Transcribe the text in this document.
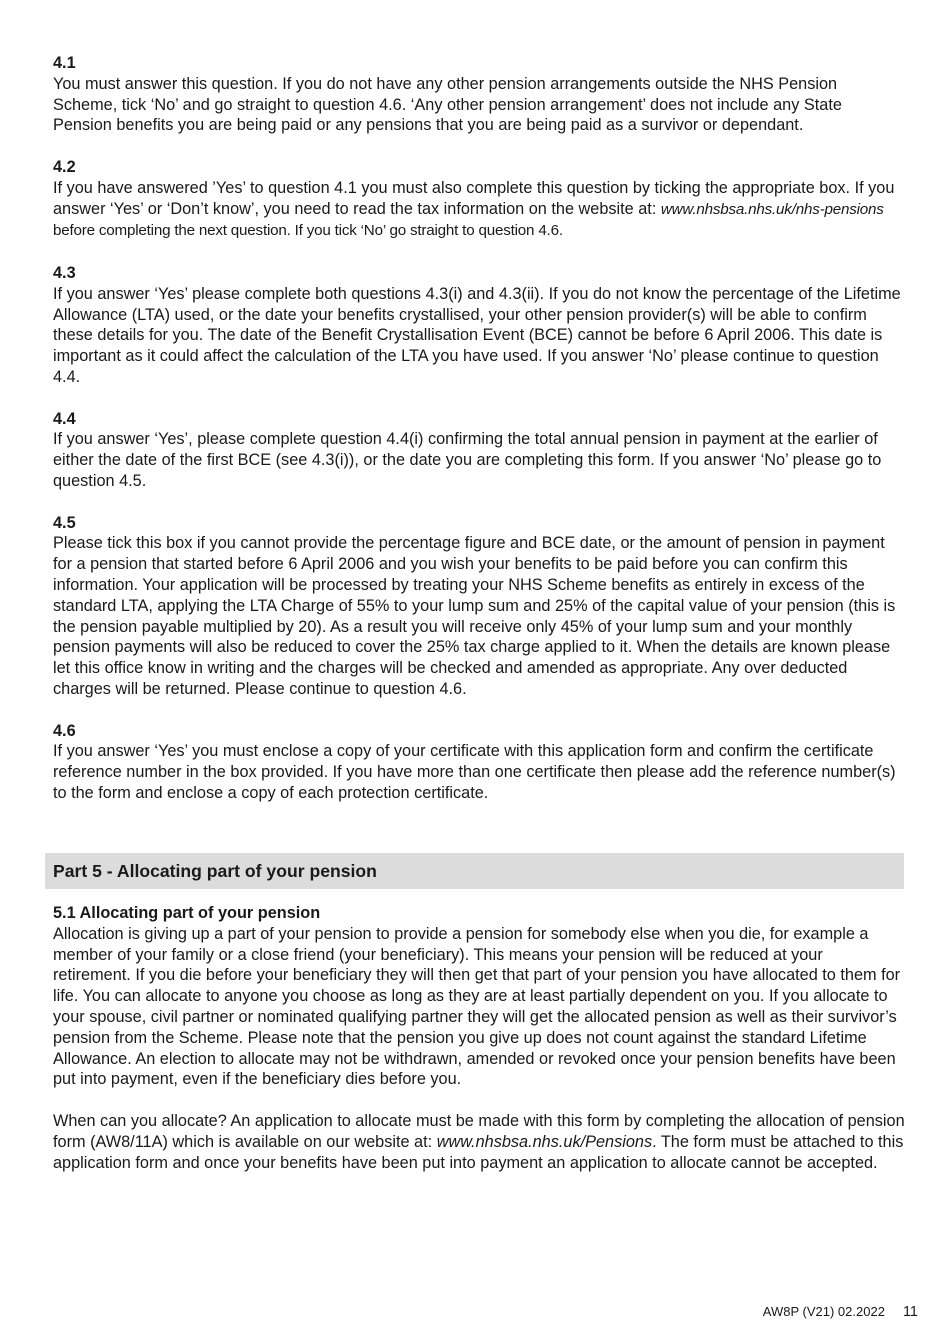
4.1
You must answer this question. If you do not have any other pension arrangements outside the NHS Pension Scheme, tick ‘No’ and go straight to question 4.6. ‘Any other pension arrangement’ does not include any State Pension benefits you are being paid or any pensions that you are being paid as a survivor or dependant.
4.2
If you have answered ’Yes’ to question 4.1 you must also complete this question by ticking the appropriate box. If you answer ‘Yes’ or ‘Don’t know’, you need to read the tax information on the website at: www.nhsbsa.nhs.uk/nhs-pensions before completing the next question. If you tick ‘No’ go straight to question 4.6.
4.3
If you answer ‘Yes’ please complete both questions 4.3(i) and 4.3(ii). If you do not know the percentage of the Lifetime Allowance (LTA) used, or the date your benefits crystallised, your other pension provider(s) will be able to confirm these details for you. The date of the Benefit Crystallisation Event (BCE) cannot be before 6 April 2006. This date is important as it could affect the calculation of the LTA you have used. If you answer ‘No’ please continue to question 4.4.
4.4
If you answer ‘Yes’, please complete question 4.4(i) confirming the total annual pension in payment at the earlier of either the date of the first BCE (see 4.3(i)), or the date you are completing this form. If you answer ‘No’ please go to question 4.5.
4.5
Please tick this box if you cannot provide the percentage figure and BCE date, or the amount of pension in payment for a pension that started before 6 April 2006 and you wish your benefits to be paid before you can confirm this information. Your application will be processed by treating your NHS Scheme benefits as entirely in excess of the standard LTA, applying the LTA Charge of 55% to your lump sum and 25% of the capital value of your pension (this is the pension payable multiplied by 20). As a result you will receive only 45% of your lump sum and your monthly pension payments will also be reduced to cover the 25% tax charge applied to it. When the details are known please let this office know in writing and the charges will be checked and amended as appropriate. Any over deducted charges will be returned. Please continue to question 4.6.
4.6
If you answer ‘Yes’ you must enclose a copy of your certificate with this application form and confirm the certificate reference number in the box provided. If you have more than one certificate then please add the reference number(s) to the form and enclose a copy of each protection certificate.
Part 5 - Allocating part of your pension
5.1 Allocating part of your pension
Allocation is giving up a part of your pension to provide a pension for somebody else when you die, for example a member of your family or a close friend (your beneficiary). This means your pension will be reduced at your retirement. If you die before your beneficiary they will then get that part of your pension you have allocated to them for life. You can allocate to anyone you choose as long as they are at least partially dependent on you. If you allocate to your spouse, civil partner or nominated qualifying partner they will get the allocated pension as well as their survivor’s pension from the Scheme. Please note that the pension you give up does not count against the standard Lifetime Allowance. An election to allocate may not be withdrawn, amended or revoked once your pension benefits have been put into payment, even if the beneficiary dies before you.
When can you allocate? An application to allocate must be made with this form by completing the allocation of pension form (AW8/11A) which is available on our website at: www.nhsbsa.nhs.uk/Pensions. The form must be attached to this application form and once your benefits have been put into payment an application to allocate cannot be accepted.
AW8P (V21) 02.2022 11
